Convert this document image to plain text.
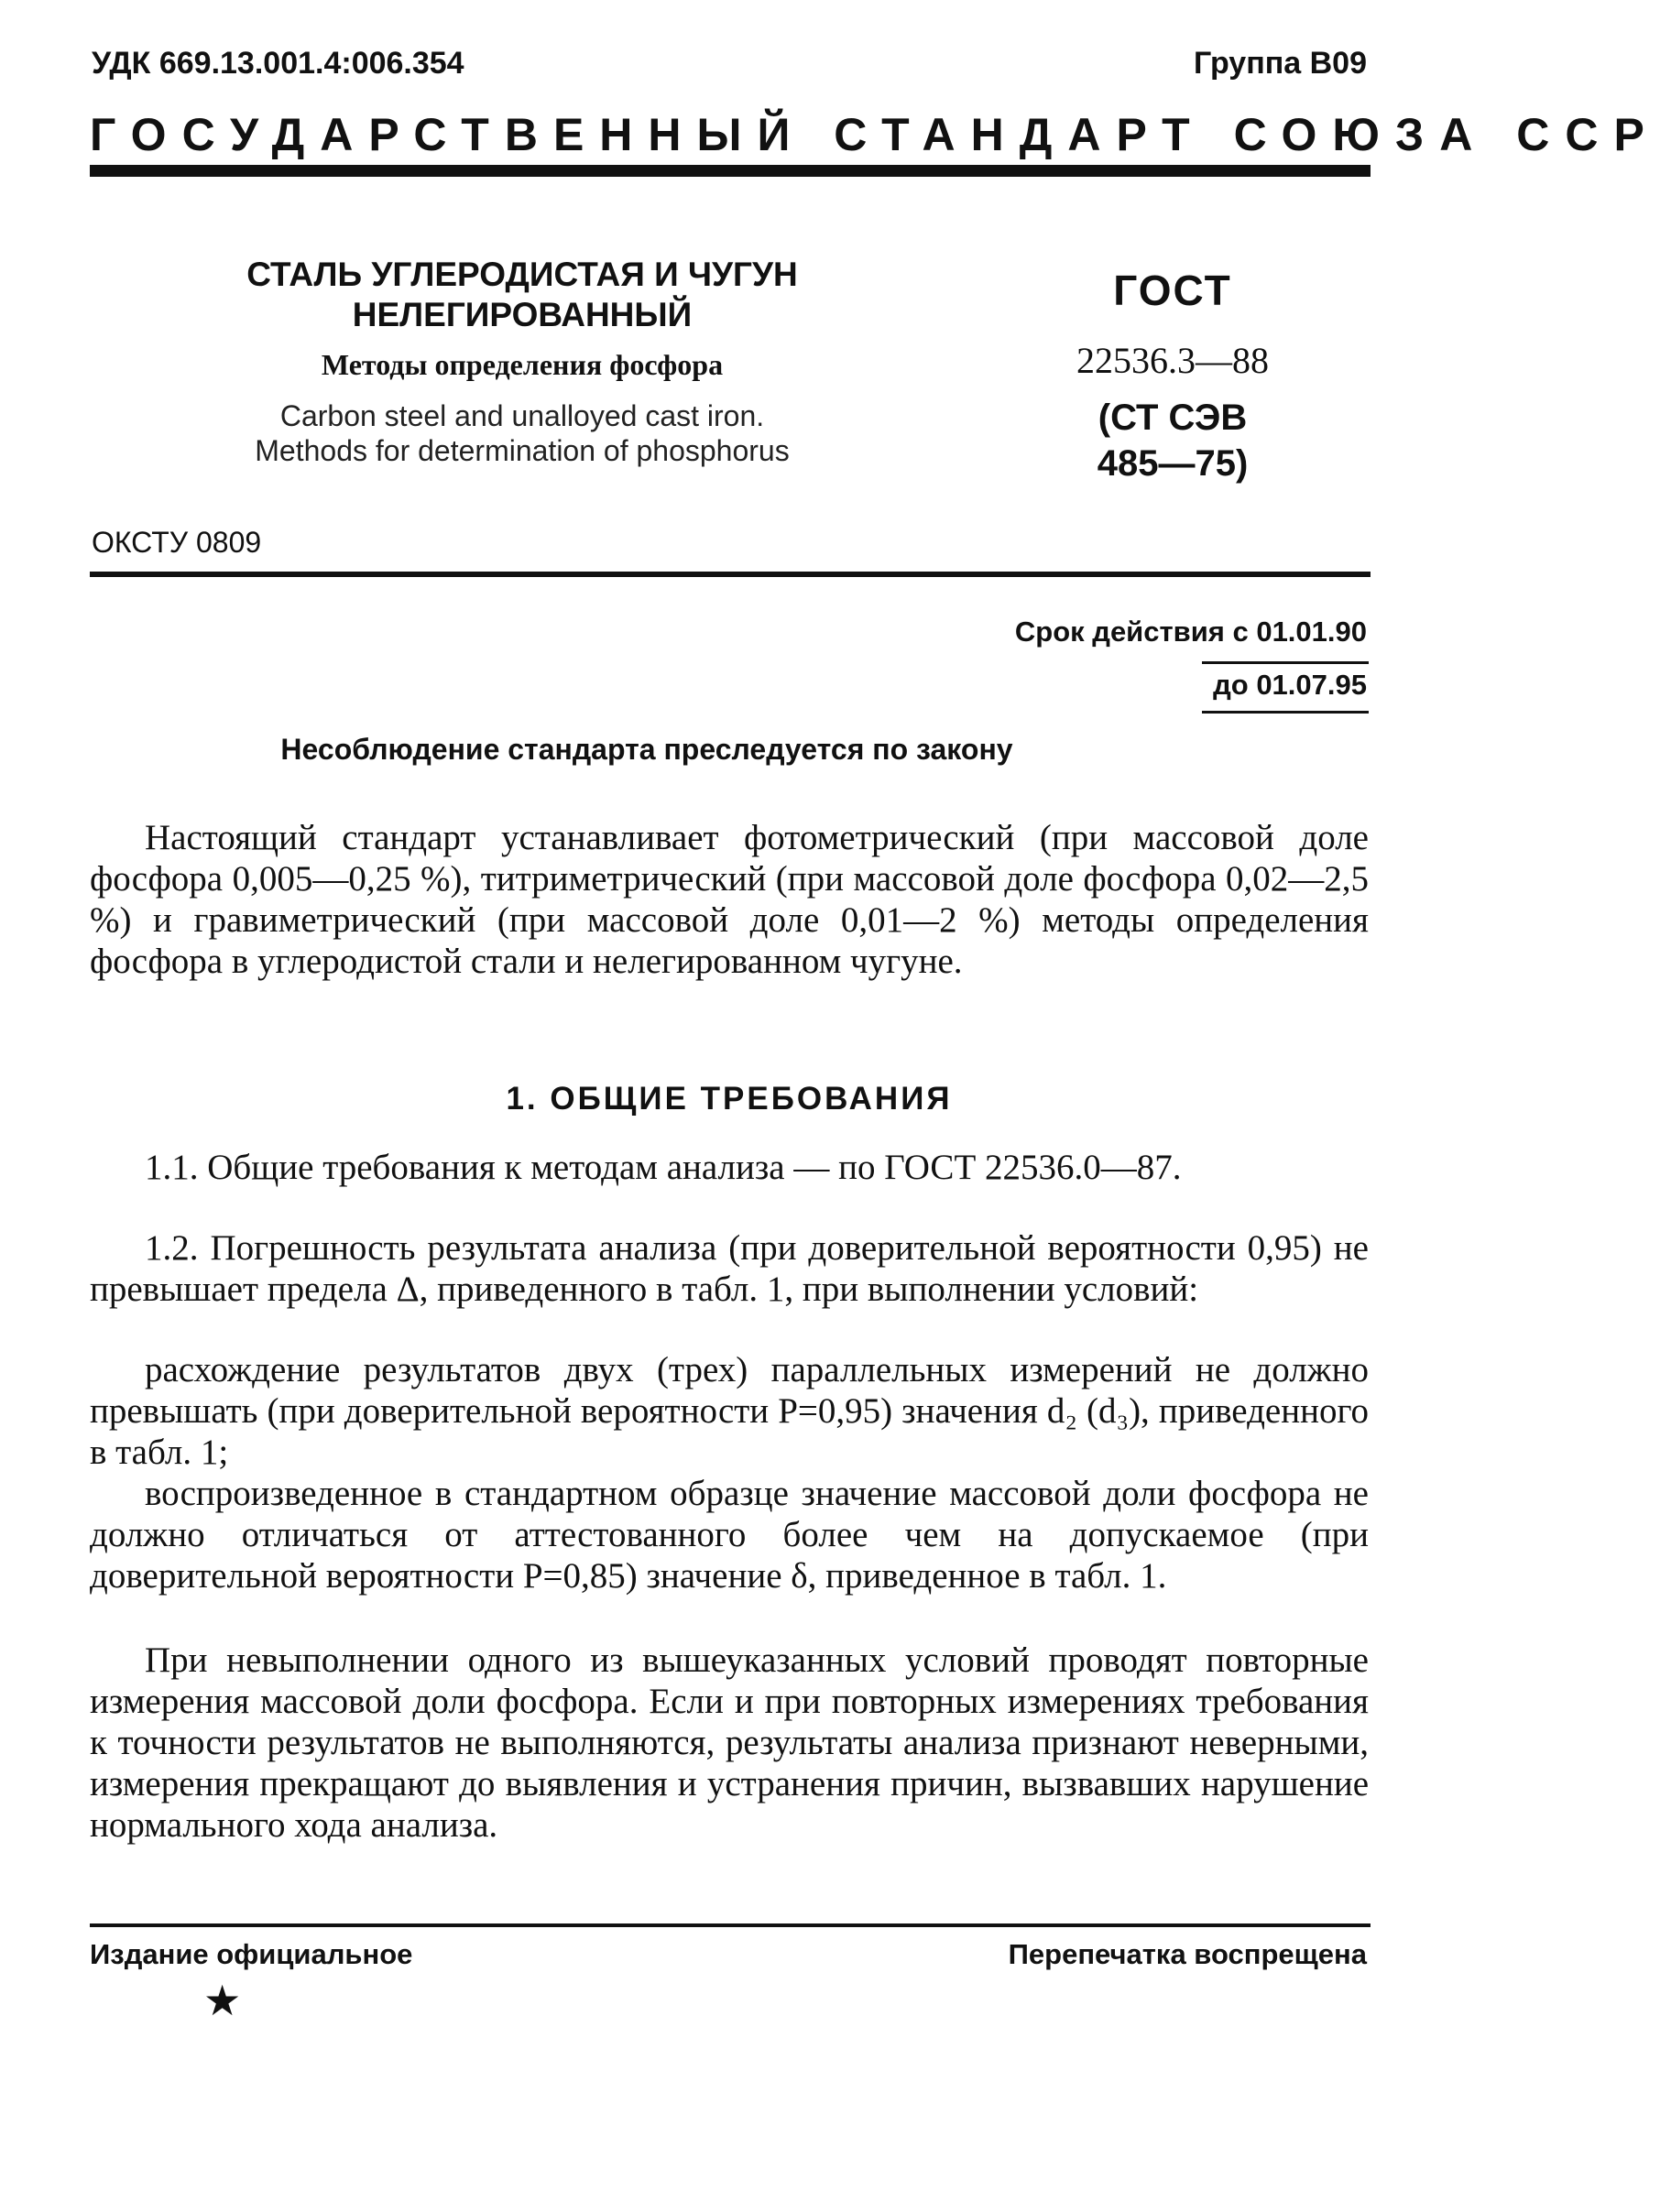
УДК 669.13.001.4:006.354	Группа В09
ГОСУДАРСТВЕННЫЙ СТАНДАРТ СОЮЗА ССР

СТАЛЬ УГЛЕРОДИСТАЯ И ЧУГУН
НЕЛЕГИРОВАННЫЙ

Методы определения фосфора

Carbon steel and unalloyed cast iron.
Methods for determination of phosphorus

ГОСТ
22536.3—88
(СТ СЭВ
485—75)
ОКСТУ 0809
Срок действия с 01.01.90
до 01.07.95
Несоблюдение стандарта преследуется по закону

Настоящий стандарт устанавливает фотометрический (при массовой доле фосфора 0,005—0,25 %), титриметрический (при массовой доле фосфора 0,02—2,5 %) и гравиметрический (при массовой доле 0,01—2 %) методы определения фосфора в углеродистой стали и нелегированном чугуне.

1. ОБЩИЕ ТРЕБОВАНИЯ

1.1. Общие требования к методам анализа — по ГОСТ 22536.0—87.

1.2. Погрешность результата анализа (при доверительной вероятности 0,95) не превышает предела Δ, приведенного в табл. 1, при выполнении условий:

расхождение результатов двух (трех) параллельных измерений не должно превышать (при доверительной вероятности P=0,95) значения d₂ (d₃), приведенного в табл. 1;

воспроизведенное в стандартном образце значение массовой доли фосфора не должно отличаться от аттестованного более чем на допускаемое (при доверительной вероятности P=0,85) значение δ, приведенное в табл. 1.

При невыполнении одного из вышеуказанных условий проводят повторные измерения массовой доли фосфора. Если и при повторных измерениях требования к точности результатов не выполняются, результаты анализа признают неверными, измерения прекращают до выявления и устранения причин, вызвавших нарушение нормального хода анализа.

Издание официальное	Перепечатка воспрещена
★
